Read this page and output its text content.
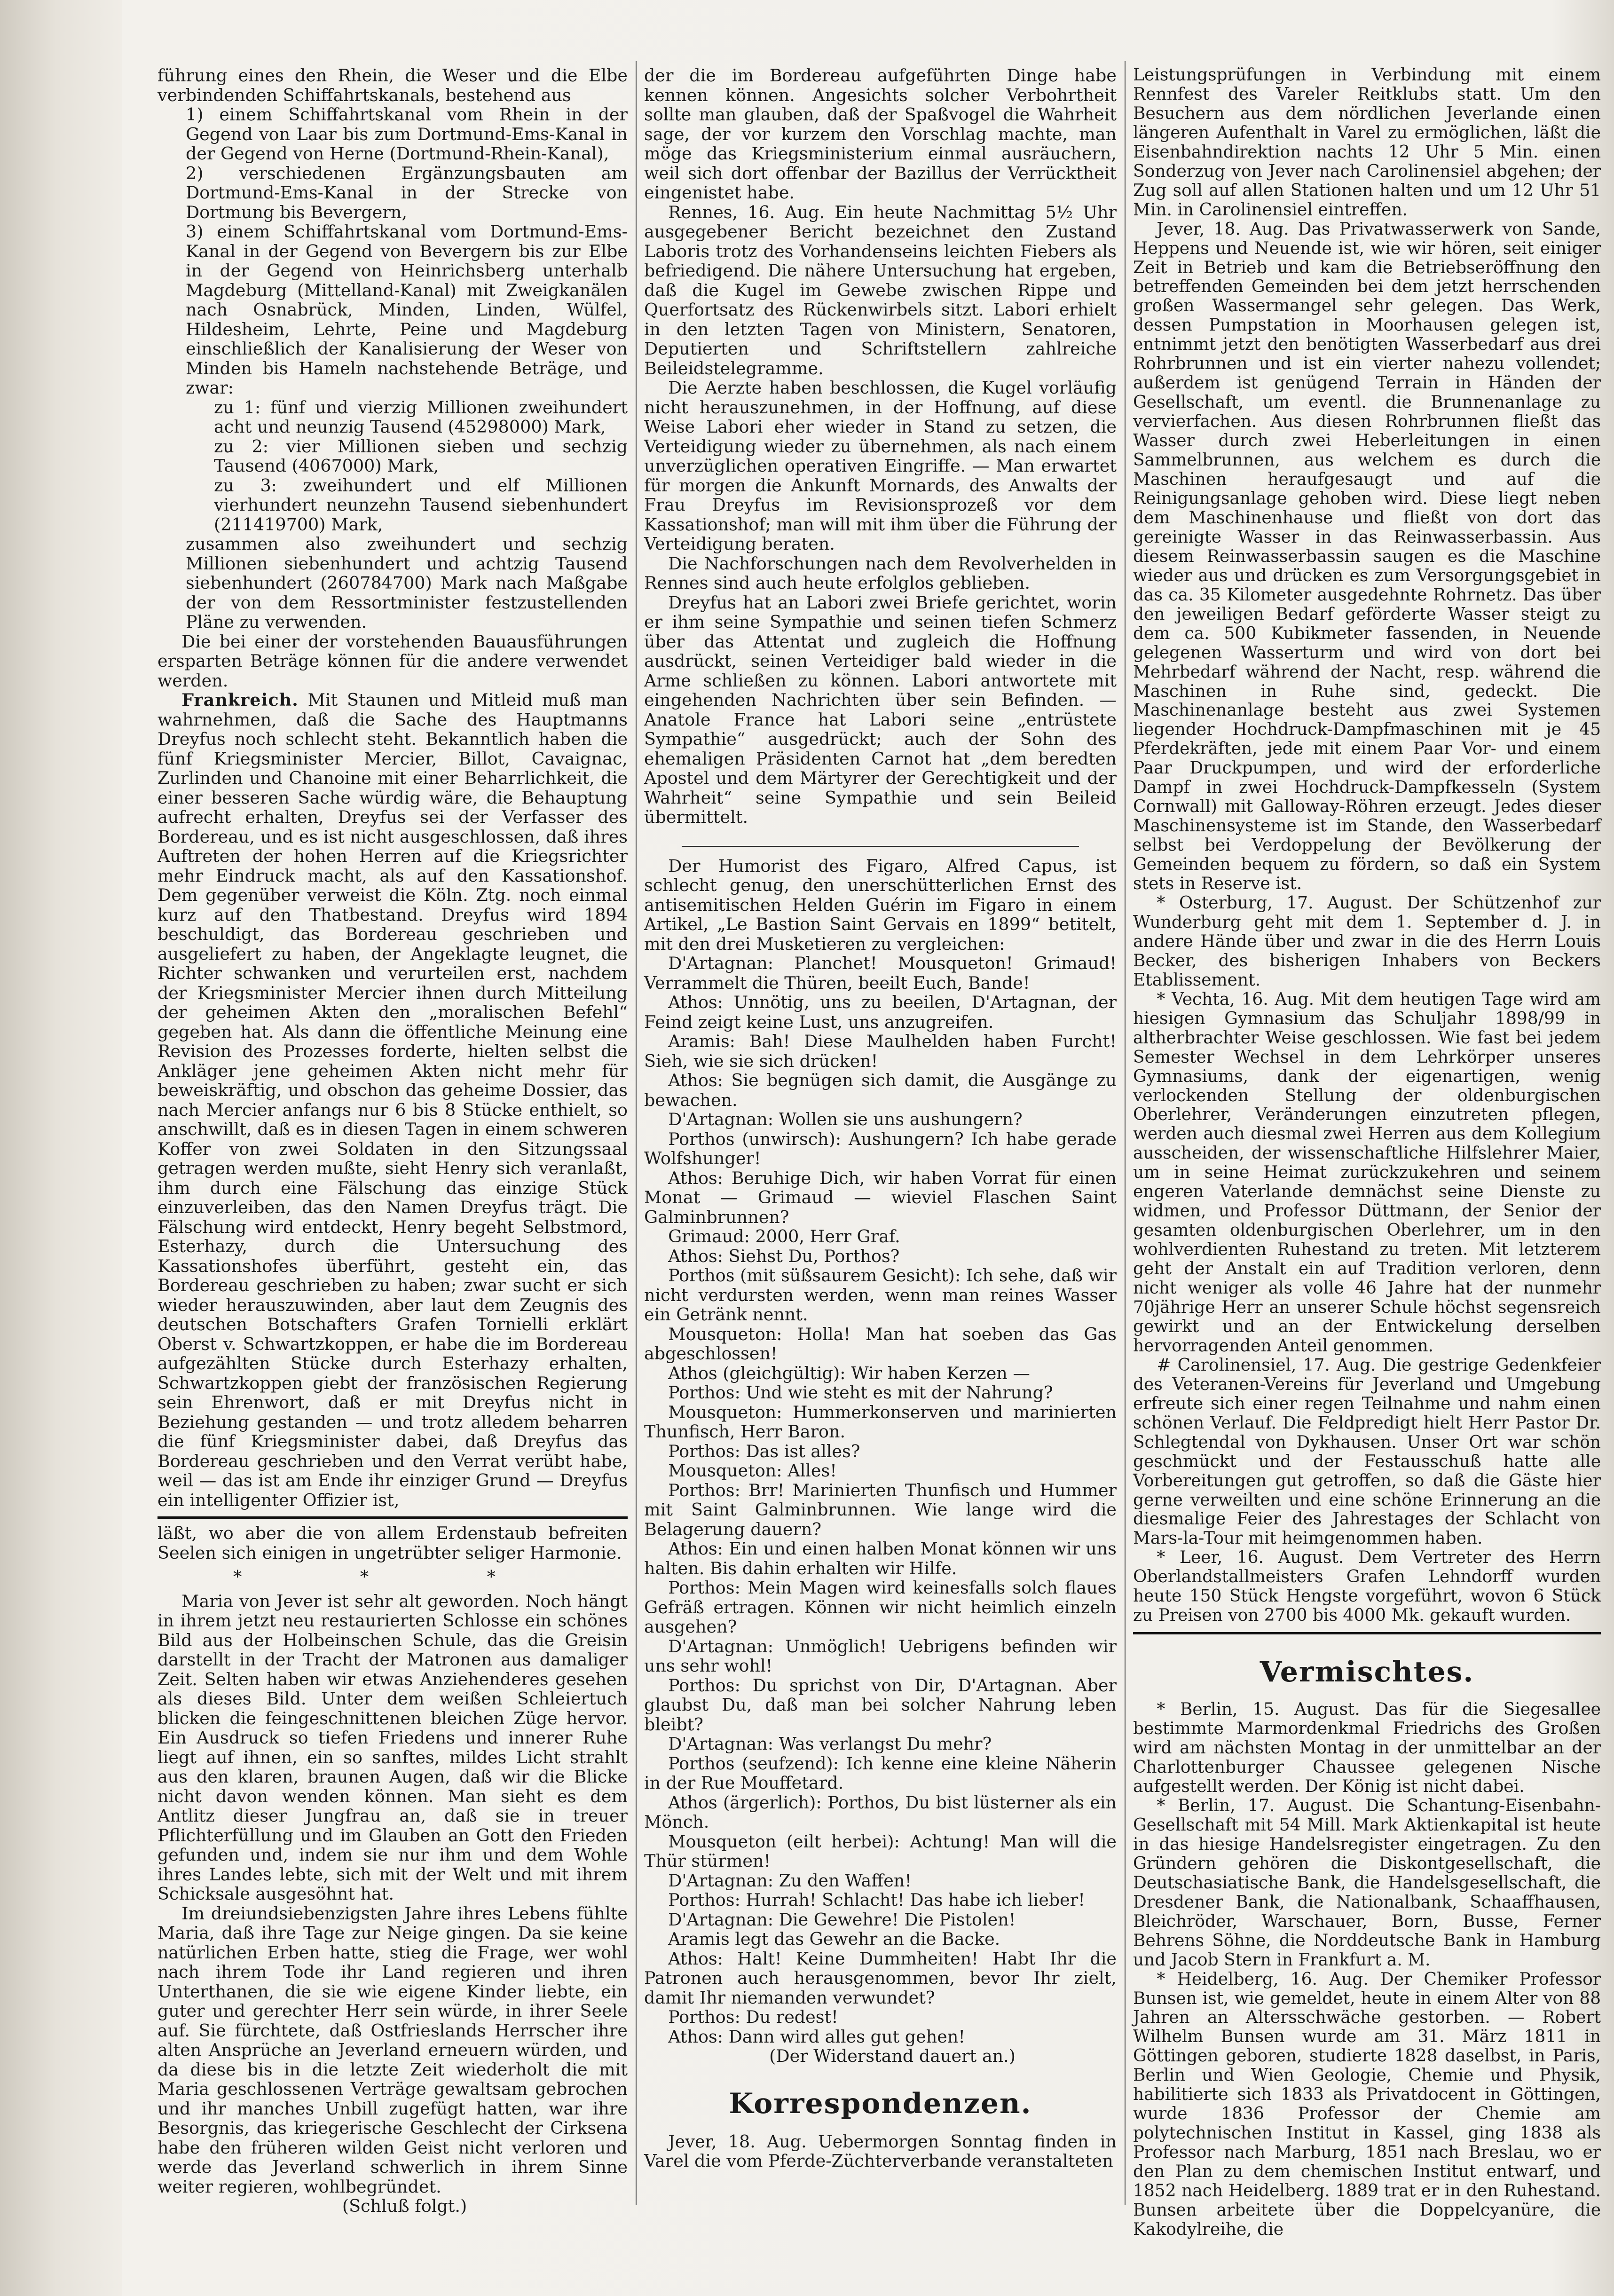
führung eines den Rhein, die Weser und die Elbe verbindenden Schiffahrtskanals, bestehend aus

1) einem Schiffahrtskanal vom Rhein in der Gegend von Laar bis zum Dortmund-Ems-Kanal in der Gegend von Herne (Dortmund-Rhein-Kanal),

2) verschiedenen Ergänzungsbauten am Dortmund-Ems-Kanal in der Strecke von Dortmung bis Bevergern,

3) einem Schiffahrtskanal vom Dortmund-Ems-Kanal in der Gegend von Bevergern bis zur Elbe in der Gegend von Heinrichsberg unterhalb Magdeburg (Mittelland-Kanal) mit Zweigkanälen nach Osnabrück, Minden, Linden, Wülfel, Hildesheim, Lehrte, Peine und Magdeburg einschließlich der Kanalisierung der Weser von Minden bis Hameln nachstehende Beträge, und zwar:

zu 1: fünf und vierzig Millionen zweihundert acht und neunzig Tausend (45298000) Mark,

zu 2: vier Millionen sieben und sechzig Tausend (4067000) Mark,

zu 3: zweihundert und elf Millionen vierhundert neunzehn Tausend siebenhundert (211419700) Mark,

zusammen also zweihundert und sechzig Millionen siebenhundert und achtzig Tausend siebenhundert (260784700) Mark nach Maßgabe der von dem Ressortminister festzustellenden Pläne zu verwenden.

Die bei einer der vorstehenden Bauausführungen ersparten Beträge können für die andere verwendet werden.

Frankreich. Mit Staunen und Mitleid muß man wahrnehmen, daß die Sache des Hauptmanns Dreyfus noch schlecht steht. Bekanntlich haben die fünf Kriegsminister Mercier, Billot, Cavaignac, Zurlinden und Chanoine mit einer Beharrlichkeit, die einer besseren Sache würdig wäre, die Behauptung aufrecht erhalten, Dreyfus sei der Verfasser des Bordereau, und es ist nicht ausgeschlossen, daß ihres Auftreten der hohen Herren auf die Kriegsrichter mehr Eindruck macht, als auf den Kassationshof. Dem gegenüber verweist die Köln. Ztg. noch einmal kurz auf den Thatbestand. Dreyfus wird 1894 beschuldigt, das Bordereau geschrieben und ausgeliefert zu haben, der Angeklagte leugnet, die Richter schwanken und verurteilen erst, nachdem der Kriegsminister Mercier ihnen durch Mitteilung der geheimen Akten den „moralischen Befehl“ gegeben hat. Als dann die öffentliche Meinung eine Revision des Prozesses forderte, hielten selbst die Ankläger jene geheimen Akten nicht mehr für beweiskräftig, und obschon das geheime Dossier, das nach Mercier anfangs nur 6 bis 8 Stücke enthielt, so anschwillt, daß es in diesen Tagen in einem schweren Koffer von zwei Soldaten in den Sitzungssaal getragen werden mußte, sieht Henry sich veranlaßt, ihm durch eine Fälschung das einzige Stück einzuverleiben, das den Namen Dreyfus trägt. Die Fälschung wird entdeckt, Henry begeht Selbstmord, Esterhazy, durch die Untersuchung des Kassationshofes überführt, gesteht ein, das Bordereau geschrieben zu haben; zwar sucht er sich wieder herauszuwinden, aber laut dem Zeugnis des deutschen Botschafters Grafen Tornielli erklärt Oberst v. Schwartzkoppen, er habe die im Bordereau aufgezählten Stücke durch Esterhazy erhalten, Schwartzkoppen giebt der französischen Regierung sein Ehrenwort, daß er mit Dreyfus nicht in Beziehung gestanden — und trotz alledem beharren die fünf Kriegsminister dabei, daß Dreyfus das Bordereau geschrieben und den Verrat verübt habe, weil — das ist am Ende ihr einziger Grund — Dreyfus ein intelligenter Offizier ist,

läßt, wo aber die von allem Erdenstaub befreiten Seelen sich einigen in ungetrübter seliger Harmonie.

* * *

Maria von Jever ist sehr alt geworden. Noch hängt in ihrem jetzt neu restaurierten Schlosse ein schönes Bild aus der Holbeinschen Schule, das die Greisin darstellt in der Tracht der Matronen aus damaliger Zeit. Selten haben wir etwas Anziehenderes gesehen als dieses Bild. Unter dem weißen Schleiertuch blicken die feingeschnittenen bleichen Züge hervor. Ein Ausdruck so tiefen Friedens und innerer Ruhe liegt auf ihnen, ein so sanftes, mildes Licht strahlt aus den klaren, braunen Augen, daß wir die Blicke nicht davon wenden können. Man sieht es dem Antlitz dieser Jungfrau an, daß sie in treuer Pflichterfüllung und im Glauben an Gott den Frieden gefunden und, indem sie nur ihm und dem Wohle ihres Landes lebte, sich mit der Welt und mit ihrem Schicksale ausgesöhnt hat.

Im dreiundsiebenzigsten Jahre ihres Lebens fühlte Maria, daß ihre Tage zur Neige gingen. Da sie keine natürlichen Erben hatte, stieg die Frage, wer wohl nach ihrem Tode ihr Land regieren und ihren Unterthanen, die sie wie eigene Kinder liebte, ein guter und gerechter Herr sein würde, in ihrer Seele auf. Sie fürchtete, daß Ostfrieslands Herrscher ihre alten Ansprüche an Jeverland erneuern würden, und da diese bis in die letzte Zeit wiederholt die mit Maria geschlossenen Verträge gewaltsam gebrochen und ihr manches Unbill zugefügt hatten, war ihre Besorgnis, das kriegerische Geschlecht der Cirksena habe den früheren wilden Geist nicht verloren und werde das Jeverland schwerlich in ihrem Sinne weiter regieren, wohlbegründet.

(Schluß folgt.)

der die im Bordereau aufgeführten Dinge habe kennen können. Angesichts solcher Verbohrtheit sollte man glauben, daß der Spaßvogel die Wahrheit sage, der vor kurzem den Vorschlag machte, man möge das Kriegsministerium einmal ausräuchern, weil sich dort offenbar der Bazillus der Verrücktheit eingenistet habe.

Rennes, 16. Aug. Ein heute Nachmittag 5½ Uhr ausgegebener Bericht bezeichnet den Zustand Laboris trotz des Vorhandenseins leichten Fiebers als befriedigend. Die nähere Untersuchung hat ergeben, daß die Kugel im Gewebe zwischen Rippe und Querfortsatz des Rückenwirbels sitzt. Labori erhielt in den letzten Tagen von Ministern, Senatoren, Deputierten und Schriftstellern zahlreiche Beileidstelegramme.

Die Aerzte haben beschlossen, die Kugel vorläufig nicht herauszunehmen, in der Hoffnung, auf diese Weise Labori eher wieder in Stand zu setzen, die Verteidigung wieder zu übernehmen, als nach einem unverzüglichen operativen Eingriffe. — Man erwartet für morgen die Ankunft Mornards, des Anwalts der Frau Dreyfus im Revisionsprozeß vor dem Kassationshof; man will mit ihm über die Führung der Verteidigung beraten.

Die Nachforschungen nach dem Revolverhelden in Rennes sind auch heute erfolglos geblieben.

Dreyfus hat an Labori zwei Briefe gerichtet, worin er ihm seine Sympathie und seinen tiefen Schmerz über das Attentat und zugleich die Hoffnung ausdrückt, seinen Verteidiger bald wieder in die Arme schließen zu können. Labori antwortete mit eingehenden Nachrichten über sein Befinden. — Anatole France hat Labori seine „entrüstete Sympathie“ ausgedrückt; auch der Sohn des ehemaligen Präsidenten Carnot hat „dem beredten Apostel und dem Märtyrer der Gerechtigkeit und der Wahrheit“ seine Sympathie und sein Beileid übermittelt.

Der Humorist des Figaro, Alfred Capus, ist schlecht genug, den unerschütterlichen Ernst des antisemitischen Helden Guérin im Figaro in einem Artikel, „Le Bastion Saint Gervais en 1899“ betitelt, mit den drei Musketieren zu vergleichen:

D'Artagnan: Planchet! Mousqueton! Grimaud! Verrammelt die Thüren, beeilt Euch, Bande!

Athos: Unnötig, uns zu beeilen, D'Artagnan, der Feind zeigt keine Lust, uns anzugreifen.

Aramis: Bah! Diese Maulhelden haben Furcht! Sieh, wie sie sich drücken!

Athos: Sie begnügen sich damit, die Ausgänge zu bewachen.

D'Artagnan: Wollen sie uns aushungern?

Porthos (unwirsch): Aushungern? Ich habe gerade Wolfshunger!

Athos: Beruhige Dich, wir haben Vorrat für einen Monat — Grimaud — wieviel Flaschen Saint Galminbrunnen?

Grimaud: 2000, Herr Graf.

Athos: Siehst Du, Porthos?

Porthos (mit süßsaurem Gesicht): Ich sehe, daß wir nicht verdursten werden, wenn man reines Wasser ein Getränk nennt.

Mousqueton: Holla! Man hat soeben das Gas abgeschlossen!

Athos (gleichgültig): Wir haben Kerzen —

Porthos: Und wie steht es mit der Nahrung?

Mousqueton: Hummerkonserven und marinierten Thunfisch, Herr Baron.

Porthos: Das ist alles?

Mousqueton: Alles!

Porthos: Brr! Marinierten Thunfisch und Hummer mit Saint Galminbrunnen. Wie lange wird die Belagerung dauern?

Athos: Ein und einen halben Monat können wir uns halten. Bis dahin erhalten wir Hilfe.

Porthos: Mein Magen wird keinesfalls solch flaues Gefräß ertragen. Können wir nicht heimlich einzeln ausgehen?

D'Artagnan: Unmöglich! Uebrigens befinden wir uns sehr wohl!

Porthos: Du sprichst von Dir, D'Artagnan. Aber glaubst Du, daß man bei solcher Nahrung leben bleibt?

D'Artagnan: Was verlangst Du mehr?

Porthos (seufzend): Ich kenne eine kleine Näherin in der Rue Mouffetard.

Athos (ärgerlich): Porthos, Du bist lüsterner als ein Mönch.

Mousqueton (eilt herbei): Achtung! Man will die Thür stürmen!

D'Artagnan: Zu den Waffen!

Porthos: Hurrah! Schlacht! Das habe ich lieber!

D'Artagnan: Die Gewehre! Die Pistolen!

Aramis legt das Gewehr an die Backe.

Athos: Halt! Keine Dummheiten! Habt Ihr die Patronen auch herausgenommen, bevor Ihr zielt, damit Ihr niemanden verwundet?

Porthos: Du redest!

Athos: Dann wird alles gut gehen!

(Der Widerstand dauert an.)

Korrespondenzen.

Jever, 18. Aug. Uebermorgen Sonntag finden in Varel die vom Pferde-Züchterverbande veranstalteten

Leistungsprüfungen in Verbindung mit einem Rennfest des Vareler Reitklubs statt. Um den Besuchern aus dem nördlichen Jeverlande einen längeren Aufenthalt in Varel zu ermöglichen, läßt die Eisenbahndirektion nachts 12 Uhr 5 Min. einen Sonderzug von Jever nach Carolinensiel abgehen; der Zug soll auf allen Stationen halten und um 12 Uhr 51 Min. in Carolinensiel eintreffen.

Jever, 18. Aug. Das Privatwasserwerk von Sande, Heppens und Neuende ist, wie wir hören, seit einiger Zeit in Betrieb und kam die Betriebseröffnung den betreffenden Gemeinden bei dem jetzt herrschenden großen Wassermangel sehr gelegen. Das Werk, dessen Pumpstation in Moorhausen gelegen ist, entnimmt jetzt den benötigten Wasserbedarf aus drei Rohrbrunnen und ist ein vierter nahezu vollendet; außerdem ist genügend Terrain in Händen der Gesellschaft, um eventl. die Brunnenanlage zu vervierfachen. Aus diesen Rohrbrunnen fließt das Wasser durch zwei Heberleitungen in einen Sammelbrunnen, aus welchem es durch die Maschinen heraufgesaugt und auf die Reinigungsanlage gehoben wird. Diese liegt neben dem Maschinenhause und fließt von dort das gereinigte Wasser in das Reinwasserbassin. Aus diesem Reinwasserbassin saugen es die Maschine wieder aus und drücken es zum Versorgungsgebiet in das ca. 35 Kilometer ausgedehnte Rohrnetz. Das über den jeweiligen Bedarf geförderte Wasser steigt zu dem ca. 500 Kubikmeter fassenden, in Neuende gelegenen Wasserturm und wird von dort bei Mehrbedarf während der Nacht, resp. während die Maschinen in Ruhe sind, gedeckt. Die Maschinenanlage besteht aus zwei Systemen liegender Hochdruck-Dampfmaschinen mit je 45 Pferdekräften, jede mit einem Paar Vor- und einem Paar Druckpumpen, und wird der erforderliche Dampf in zwei Hochdruck-Dampfkesseln (System Cornwall) mit Galloway-Röhren erzeugt. Jedes dieser Maschinensysteme ist im Stande, den Wasserbedarf selbst bei Verdoppelung der Bevölkerung der Gemeinden bequem zu fördern, so daß ein System stets in Reserve ist.

* Osterburg, 17. August. Der Schützenhof zur Wunderburg geht mit dem 1. September d. J. in andere Hände über und zwar in die des Herrn Louis Becker, des bisherigen Inhabers von Beckers Etablissement.

* Vechta, 16. Aug. Mit dem heutigen Tage wird am hiesigen Gymnasium das Schuljahr 1898/99 in altherbrachter Weise geschlossen. Wie fast bei jedem Semester Wechsel in dem Lehrkörper unseres Gymnasiums, dank der eigenartigen, wenig verlockenden Stellung der oldenburgischen Oberlehrer, Veränderungen einzutreten pflegen, werden auch diesmal zwei Herren aus dem Kollegium ausscheiden, der wissenschaftliche Hilfslehrer Maier, um in seine Heimat zurückzukehren und seinem engeren Vaterlande demnächst seine Dienste zu widmen, und Professor Düttmann, der Senior der gesamten oldenburgischen Oberlehrer, um in den wohlverdienten Ruhestand zu treten. Mit letzterem geht der Anstalt ein auf Tradition verloren, denn nicht weniger als volle 46 Jahre hat der nunmehr 70jährige Herr an unserer Schule höchst segensreich gewirkt und an der Entwickelung derselben hervorragenden Anteil genommen.

# Carolinensiel, 17. Aug. Die gestrige Gedenkfeier des Veteranen-Vereins für Jeverland und Umgebung erfreute sich einer regen Teilnahme und nahm einen schönen Verlauf. Die Feldpredigt hielt Herr Pastor Dr. Schlegtendal von Dykhausen. Unser Ort war schön geschmückt und der Festausschuß hatte alle Vorbereitungen gut getroffen, so daß die Gäste hier gerne verweilten und eine schöne Erinnerung an die diesmalige Feier des Jahrestages der Schlacht von Mars-la-Tour mit heimgenommen haben.

* Leer, 16. August. Dem Vertreter des Herrn Oberlandstallmeisters Grafen Lehndorff wurden heute 150 Stück Hengste vorgeführt, wovon 6 Stück zu Preisen von 2700 bis 4000 Mk. gekauft wurden.

Vermischtes.

* Berlin, 15. August. Das für die Siegesallee bestimmte Marmordenkmal Friedrichs des Großen wird am nächsten Montag in der unmittelbar an der Charlottenburger Chaussee gelegenen Nische aufgestellt werden. Der König ist nicht dabei.

* Berlin, 17. August. Die Schantung-Eisenbahn-Gesellschaft mit 54 Mill. Mark Aktienkapital ist heute in das hiesige Handelsregister eingetragen. Zu den Gründern gehören die Diskontgesellschaft, die Deutschasiatische Bank, die Handelsgesellschaft, die Dresdener Bank, die Nationalbank, Schaaffhausen, Bleichröder, Warschauer, Born, Busse, Ferner Behrens Söhne, die Norddeutsche Bank in Hamburg und Jacob Stern in Frankfurt a. M.

* Heidelberg, 16. Aug. Der Chemiker Professor Bunsen ist, wie gemeldet, heute in einem Alter von 88 Jahren an Altersschwäche gestorben. — Robert Wilhelm Bunsen wurde am 31. März 1811 in Göttingen geboren, studierte 1828 daselbst, in Paris, Berlin und Wien Geologie, Chemie und Physik, habilitierte sich 1833 als Privatdocent in Göttingen, wurde 1836 Professor der Chemie am polytechnischen Institut in Kassel, ging 1838 als Professor nach Marburg, 1851 nach Breslau, wo er den Plan zu dem chemischen Institut entwarf, und 1852 nach Heidelberg. 1889 trat er in den Ruhestand. Bunsen arbeitete über die Doppelcyanüre, die Kakodylreihe, die
